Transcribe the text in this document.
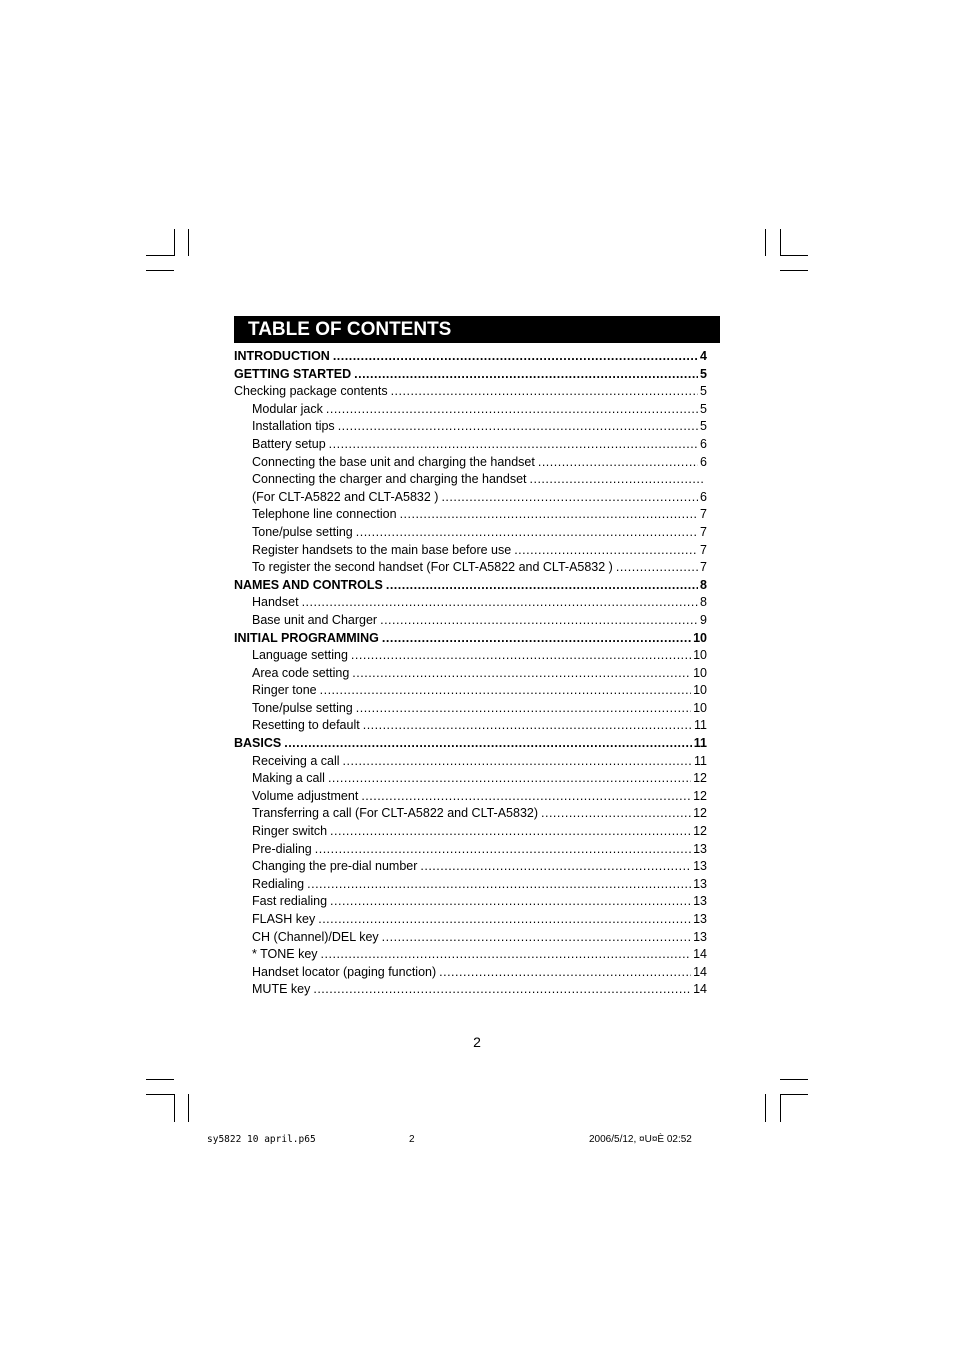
TABLE OF CONTENTS
INTRODUCTION .....	4
GETTING STARTED .....	5
Checking package contents .....	5
Modular jack .....	5
Installation tips .....	5
Battery setup .....	6
Connecting the base unit and charging the handset .....	6
Connecting the charger and charging the handset
.....
(For CLT-A5822 and CLT-A5832 ) .....	6
Telephone line connection .....	7
Tone/pulse setting .....	7
Register handsets to the main base before use .....	7
To register the second handset (For CLT-A5822 and CLT-A5832 ) .....	7
NAMES AND CONTROLS .....	8
Handset .....	8
Base unit and Charger .....	9
INITIAL PROGRAMMING .....	10
Language setting .....	10
Area code setting .....	10
Ringer tone .....	10
Tone/pulse setting .....	10
Resetting to default .....	11
BASICS .....	11
Receiving a call .....	11
Making a call .....	12
Volume adjustment .....	12
Transferring a call (For CLT-A5822 and CLT-A5832) .....	12
Ringer switch .....	12
Pre-dialing .....	13
Changing the pre-dial number .....	13
Redialing .....	13
Fast redialing .....	13
FLASH key .....	13
CH (Channel)/DEL key .....	13
* TONE key .....	14
Handset locator (paging function) .....	14
MUTE key .....	14
2
sy5822 10 april.p65	2	2006/5/12, ¤U¤È 02:52
